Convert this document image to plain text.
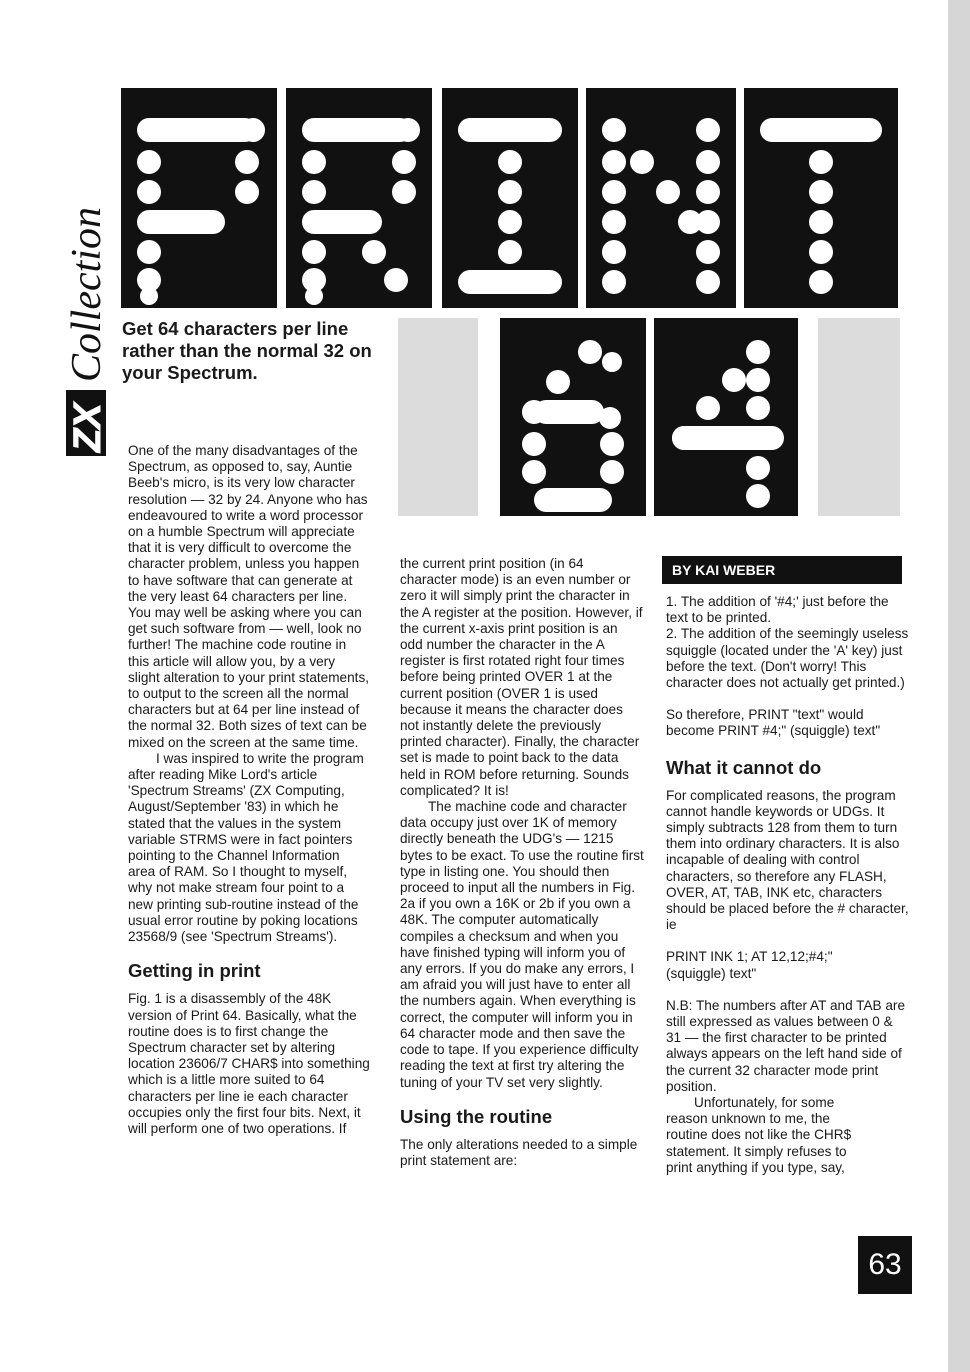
ZX
Collection Get 64 characters per line rather than the normal 32 on your Spectrum.

One of the many disadvantages of the Spectrum, as opposed to, say, Auntie Beeb's micro, is its very low character resolution — 32 by 24. Anyone who has endeavoured to write a word processor on a humble Spectrum will appreciate that it is very difficult to overcome the character problem, unless you happen to have software that can generate at the very least 64 characters per line. You may well be asking where you can get such software from — well, look no further! The machine code routine in this article will allow you, by a very slight alteration to your print statements, to output to the screen all the normal characters but at 64 per line instead of the normal 32. Both sizes of text can be mixed on the screen at the same time.

I was inspired to write the program after reading Mike Lord's article 'Spectrum Streams' (ZX Computing, August/September '83) in which he stated that the values in the system variable STRMS were in fact pointers pointing to the Channel Information area of RAM. So I thought to myself, why not make stream four point to a new printing sub-routine instead of the usual error routine by poking locations 23568/9 (see 'Spectrum Streams').

Getting in print

Fig. 1 is a disassembly of the 48K version of Print 64. Basically, what the routine does is to first change the Spectrum character set by altering location 23606/7 CHAR$ into something which is a little more suited to 64 characters per line ie each character occupies only the first four bits. Next, it will perform one of two operations. If

the current print position (in 64 character mode) is an even number or zero it will simply print the character in the A register at the position. However, if the current x-axis print position is an odd number the character in the A register is first rotated right four times before being printed OVER 1 at the current position (OVER 1 is used because it means the character does not instantly delete the previously printed character). Finally, the character set is made to point back to the data held in ROM before returning. Sounds complicated? It is!

The machine code and character data occupy just over 1K of memory directly beneath the UDG's — 1215 bytes to be exact. To use the routine first type in listing one. You should then proceed to input all the numbers in Fig. 2a if you own a 16K or 2b if you own a 48K. The computer automatically compiles a checksum and when you have finished typing will inform you of any errors. If you do make any errors, I am afraid you will just have to enter all the numbers again. When everything is correct, the computer will inform you in 64 character mode and then save the code to tape. If you experience difficulty reading the text at first try altering the tuning of your TV set very slightly.

Using the routine

The only alterations needed to a simple print statement are:

BY KAI WEBER

1. The addition of '#4;' just before the text to be printed.

2. The addition of the seemingly useless squiggle (located under the 'A' key) just before the text. (Don't worry! This character does not actually get printed.)

So therefore, PRINT "text" would become PRINT #4;" (squiggle) text"

What it cannot do

For complicated reasons, the program cannot handle keywords or UDGs. It simply subtracts 128 from them to turn them into ordinary characters. It is also incapable of dealing with control characters, so therefore any FLASH, OVER, AT, TAB, INK etc, characters should be placed before the # character, ie

PRINT INK 1; AT 12,12;#4;"(squiggle) text"

N.B: The numbers after AT and TAB are still expressed as values between 0 & 31 — the first character to be printed always appears on the left hand side of the current 32 character mode print position.

Unfortunately, for some reason unknown to me, the routine does not like the CHR$ statement. It simply refuses to print anything if you type, say,

63
